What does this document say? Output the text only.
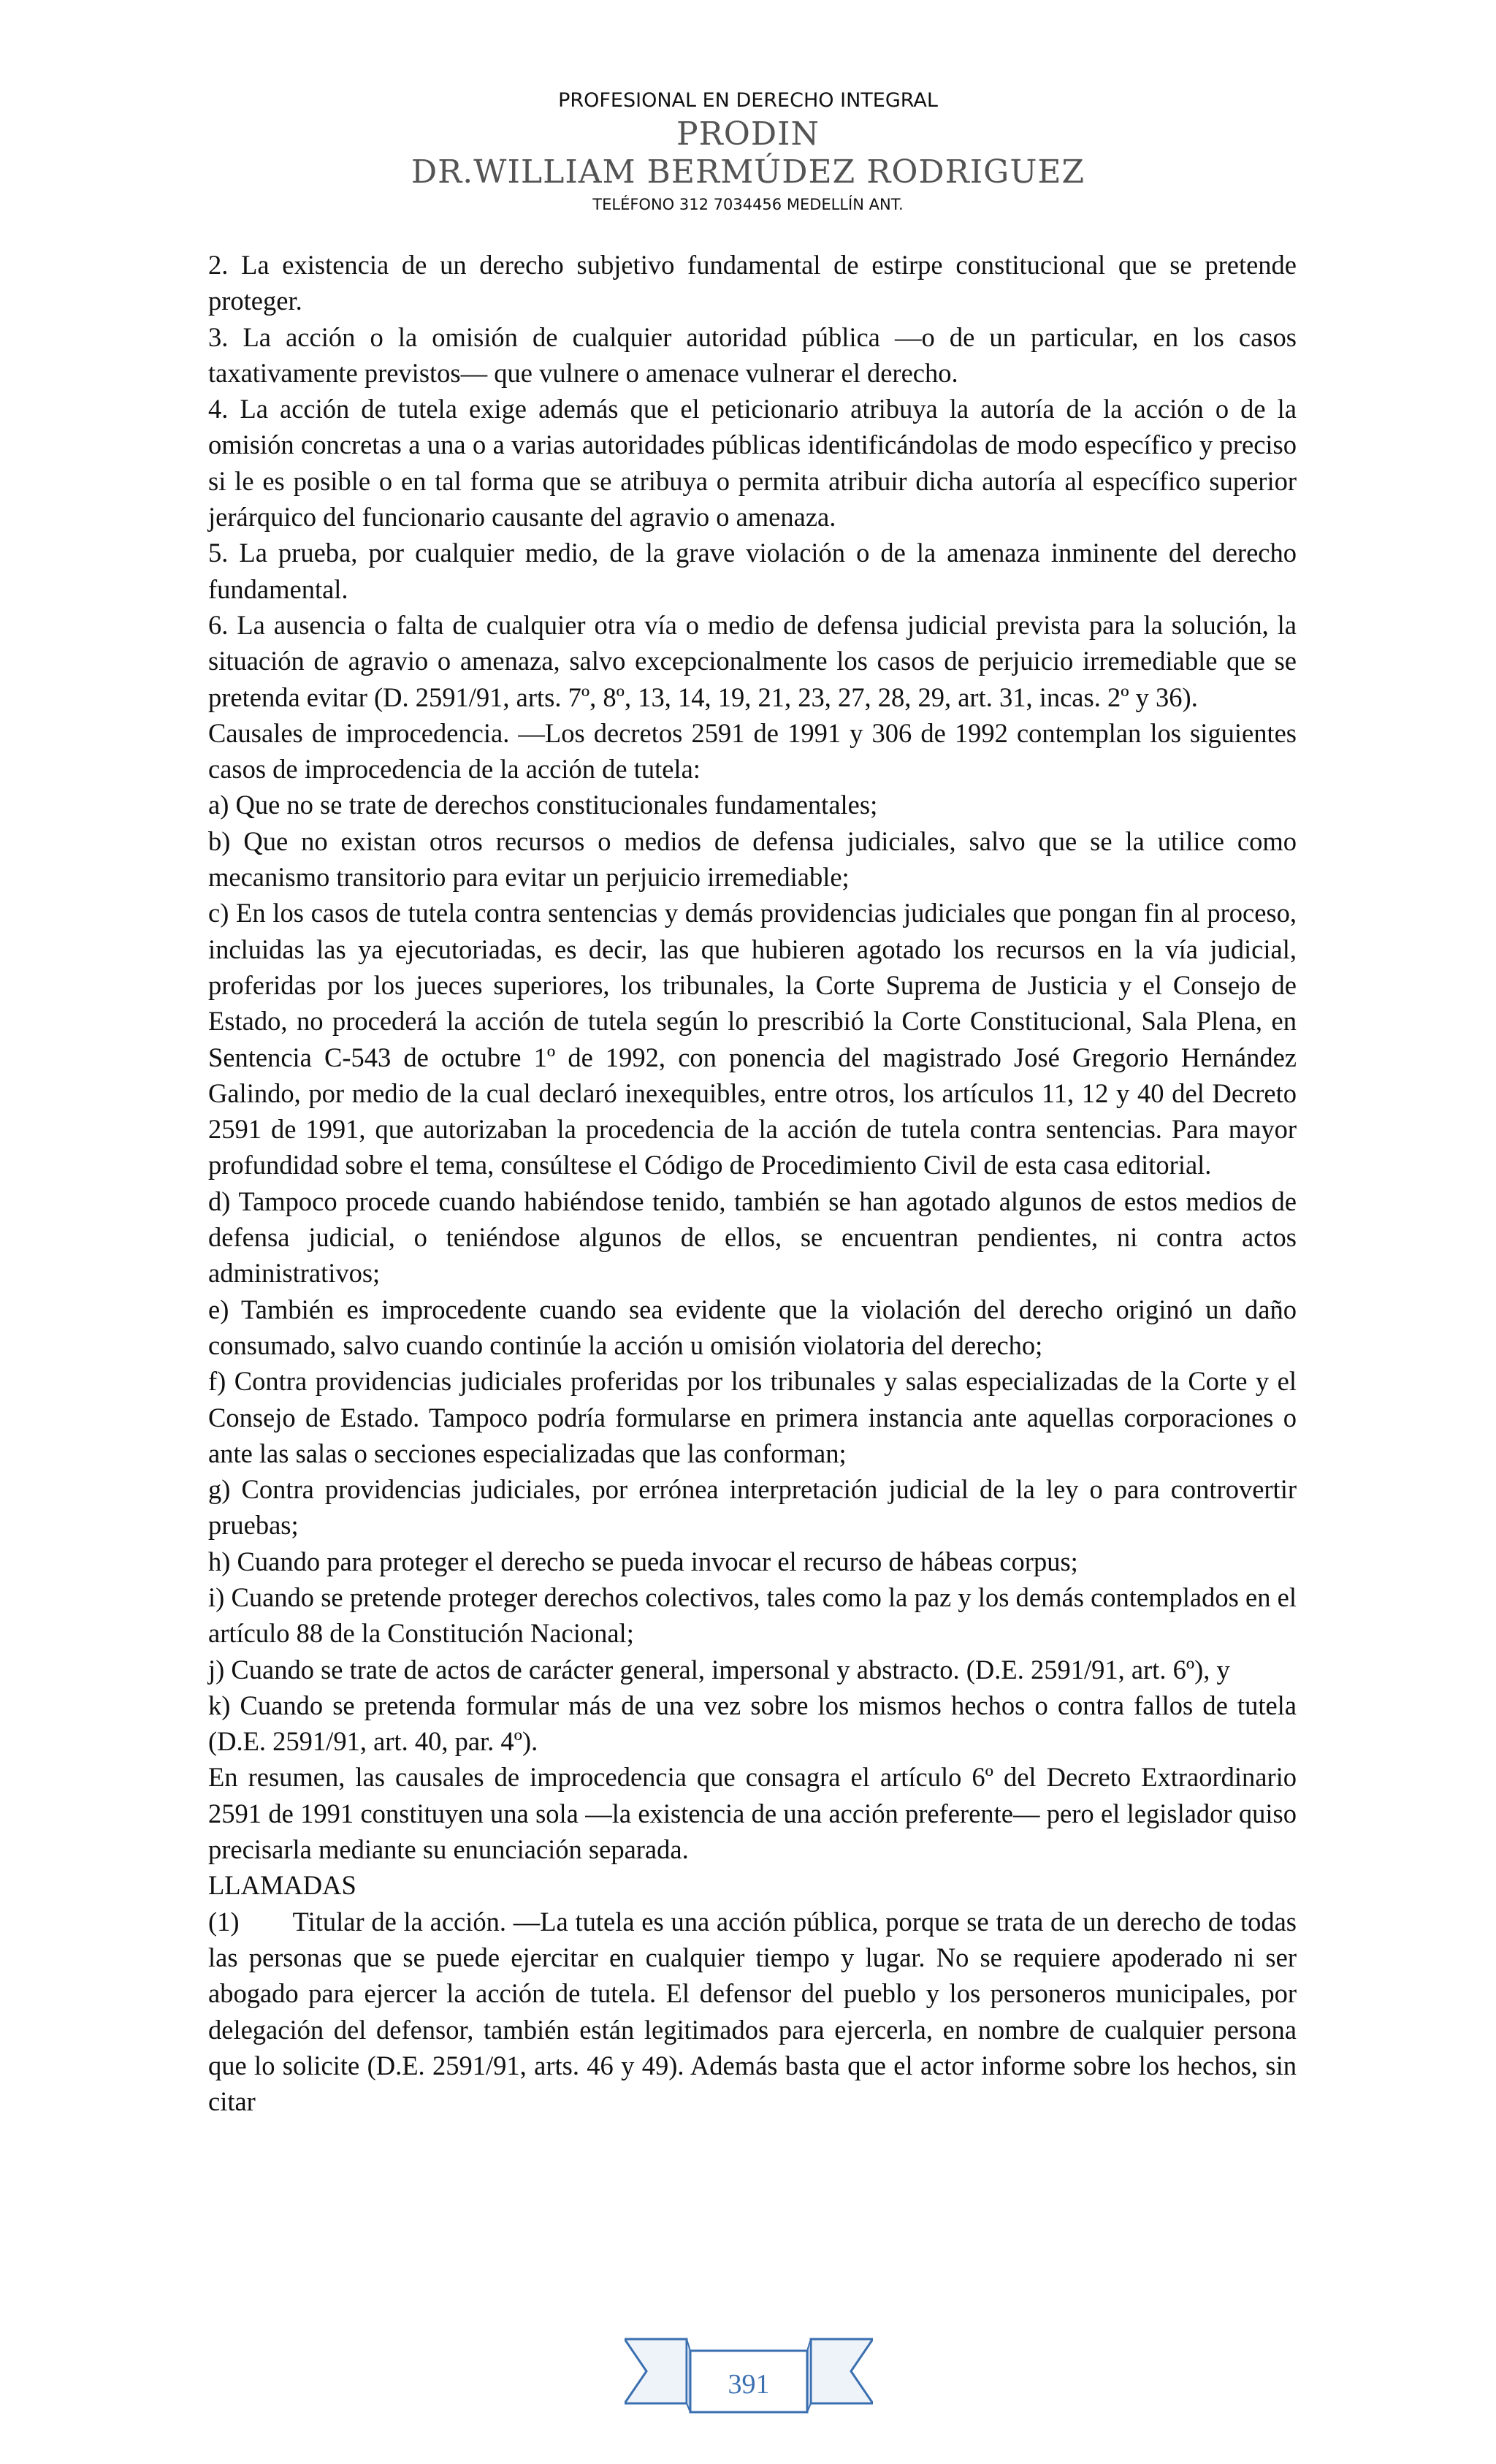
PROFESIONAL EN DERECHO INTEGRAL
PRODIN
DR.WILLIAM BERMÚDEZ RODRIGUEZ
TELÉFONO 312 7034456 MEDELLÍN ANT.

2. La existencia de un derecho subjetivo fundamental de estirpe constitucional que se pretende proteger.

3. La acción o la omisión de cualquier autoridad pública —o de un particular, en los casos taxativamente previstos— que vulnere o amenace vulnerar el derecho.

4. La acción de tutela exige además que el peticionario atribuya la autoría de la acción o de la omisión concretas a una o a varias autoridades públicas identificándolas de modo específico y preciso si le es posible o en tal forma que se atribuya o permita atribuir dicha autoría al específico superior jerárquico del funcionario causante del agravio o amenaza.

5. La prueba, por cualquier medio, de la grave violación o de la amenaza inminente del derecho fundamental.

6. La ausencia o falta de cualquier otra vía o medio de defensa judicial prevista para la solución, la situación de agravio o amenaza, salvo excepcionalmente los casos de perjuicio irremediable que se pretenda evitar (D. 2591/91, arts. 7º, 8º, 13, 14, 19, 21, 23, 27, 28, 29, art. 31, incas. 2º y 36).

Causales de improcedencia. —Los decretos 2591 de 1991 y 306 de 1992 contemplan los siguientes casos de improcedencia de la acción de tutela:

a) Que no se trate de derechos constitucionales fundamentales;

b) Que no existan otros recursos o medios de defensa judiciales, salvo que se la utilice como mecanismo transitorio para evitar un perjuicio irremediable;

c) En los casos de tutela contra sentencias y demás providencias judiciales que pongan fin al proceso, incluidas las ya ejecutoriadas, es decir, las que hubieren agotado los recursos en la vía judicial, proferidas por los jueces superiores, los tribunales, la Corte Suprema de Justicia y el Consejo de Estado, no procederá la acción de tutela según lo prescribió la Corte Constitucional, Sala Plena, en Sentencia C-543 de octubre 1º de 1992, con ponencia del magistrado José Gregorio Hernández Galindo, por medio de la cual declaró inexequibles, entre otros, los artículos 11, 12 y 40 del Decreto 2591 de 1991, que autorizaban la procedencia de la acción de tutela contra sentencias. Para mayor profundidad sobre el tema, consúltese el Código de Procedimiento Civil de esta casa editorial.

d) Tampoco procede cuando habiéndose tenido, también se han agotado algunos de estos medios de defensa judicial, o teniéndose algunos de ellos, se encuentran pendientes, ni contra actos administrativos;

e) También es improcedente cuando sea evidente que la violación del derecho originó un daño consumado, salvo cuando continúe la acción u omisión violatoria del derecho;

f) Contra providencias judiciales proferidas por los tribunales y salas especializadas de la Corte y el Consejo de Estado. Tampoco podría formularse en primera instancia ante aquellas corporaciones o ante las salas o secciones especializadas que las conforman;

g) Contra providencias judiciales, por errónea interpretación judicial de la ley o para controvertir pruebas;

h) Cuando para proteger el derecho se pueda invocar el recurso de hábeas corpus;

i) Cuando se pretende proteger derechos colectivos, tales como la paz y los demás contemplados en el artículo 88 de la Constitución Nacional;

j) Cuando se trate de actos de carácter general, impersonal y abstracto. (D.E. 2591/91, art. 6º), y

k) Cuando se pretenda formular más de una vez sobre los mismos hechos o contra fallos de tutela (D.E. 2591/91, art. 40, par. 4º).

En resumen, las causales de improcedencia que consagra el artículo 6º del Decreto Extraordinario 2591 de 1991 constituyen una sola —la existencia de una acción preferente— pero el legislador quiso precisarla mediante su enunciación separada.

LLAMADAS

(1)  Titular de la acción. —La tutela es una acción pública, porque se trata de un derecho de todas las personas que se puede ejercitar en cualquier tiempo y lugar. No se requiere apoderado ni ser abogado para ejercer la acción de tutela. El defensor del pueblo y los personeros municipales, por delegación del defensor, también están legitimados para ejercerla, en nombre de cualquier persona que lo solicite (D.E. 2591/91, arts. 46 y 49). Además basta que el actor informe sobre los hechos, sin citar

391
